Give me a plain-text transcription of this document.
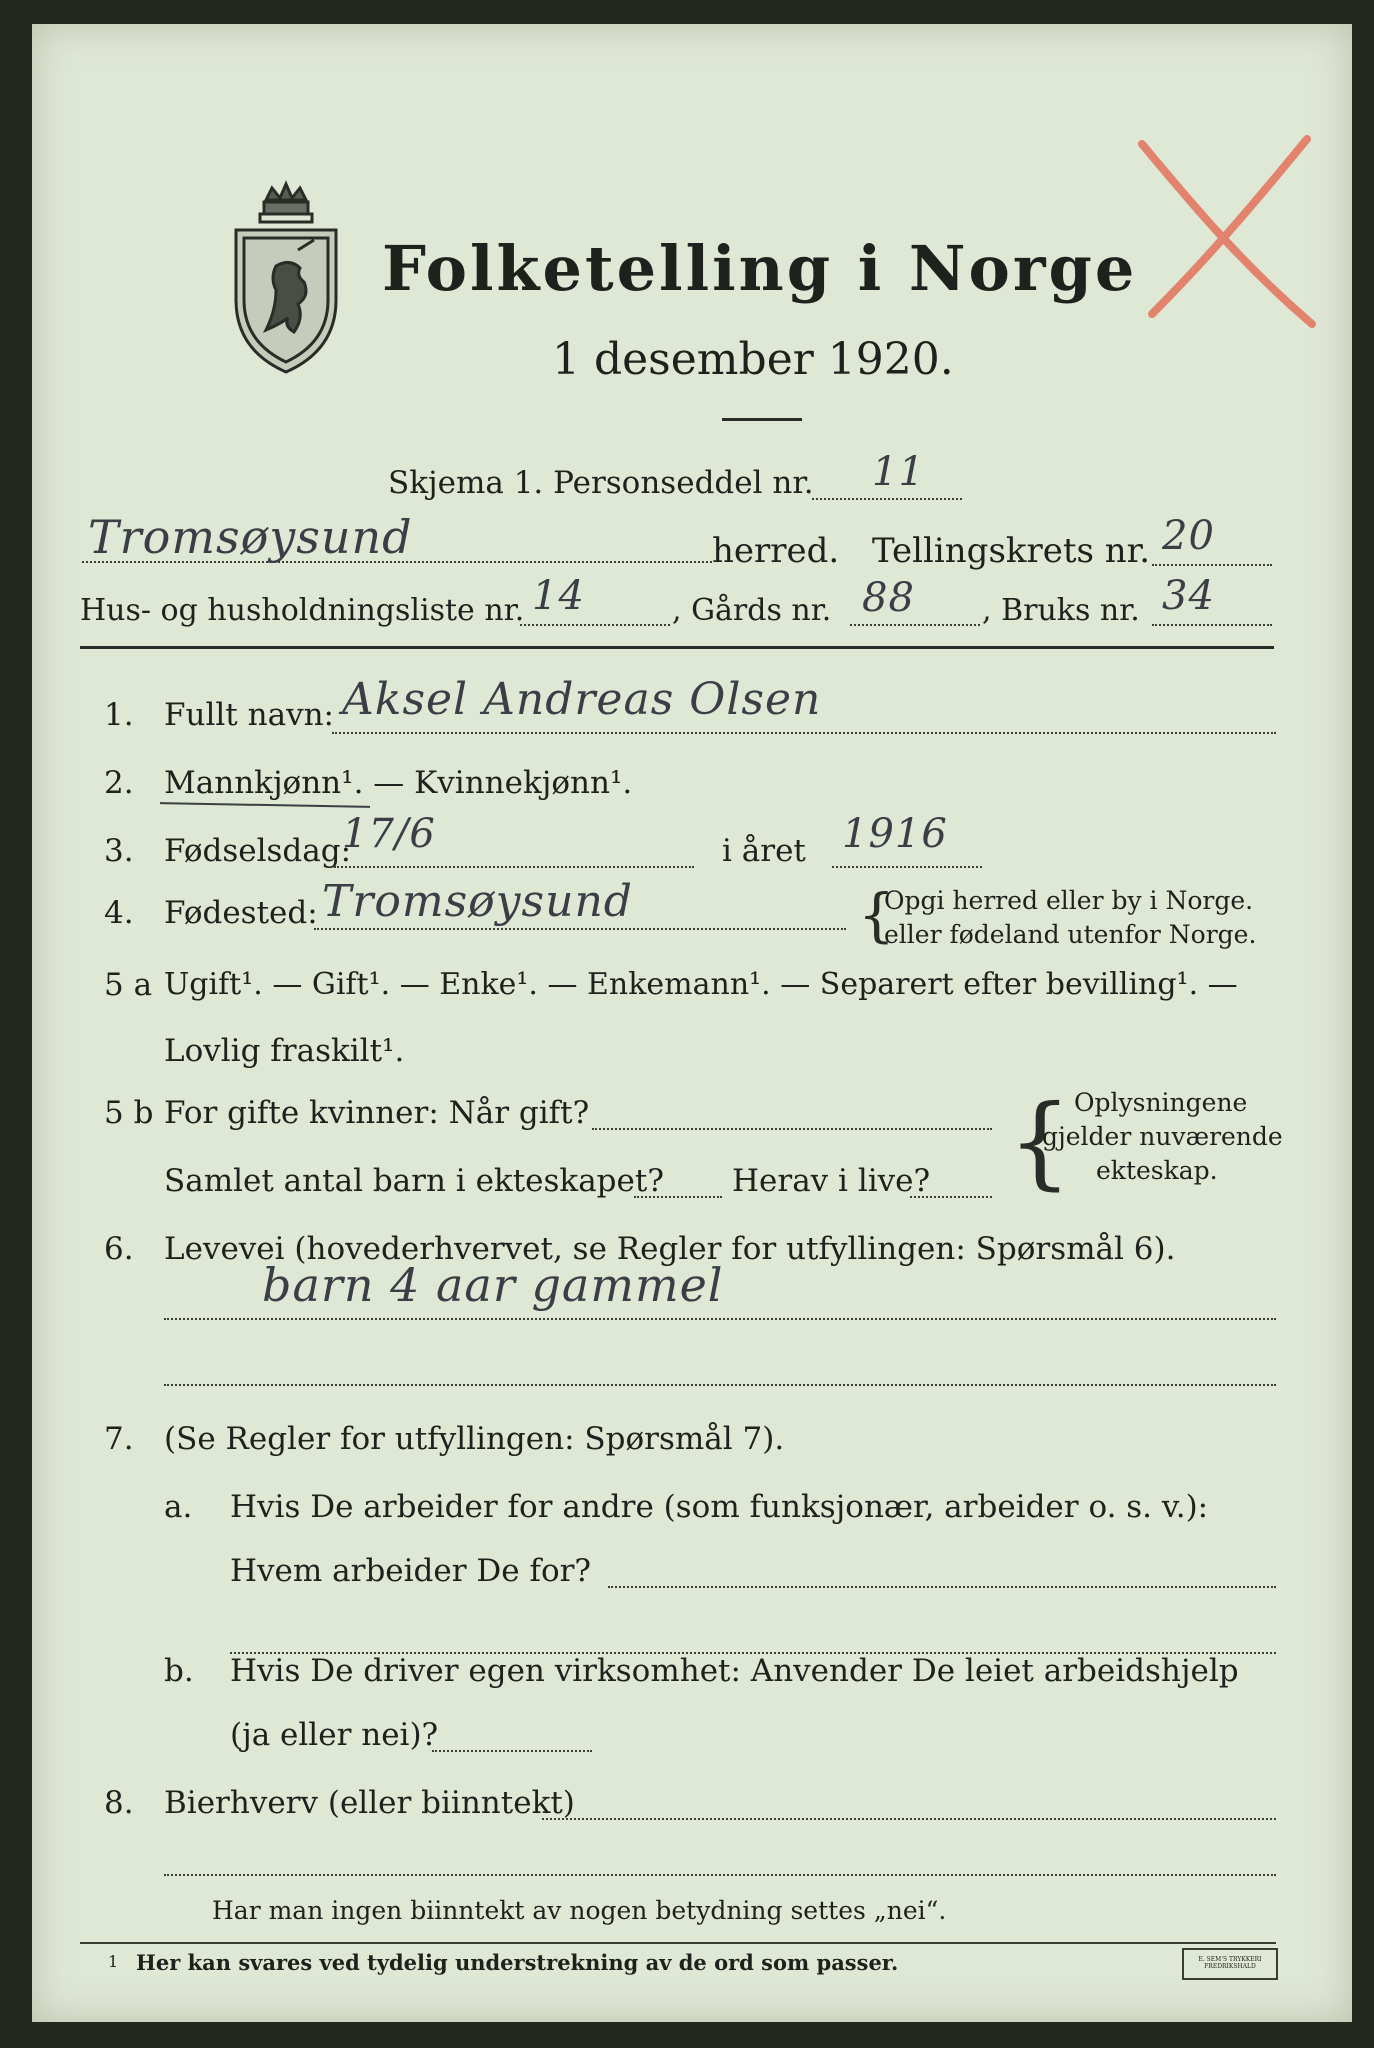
Folketelling i Norge
1 desember 1920.
Skjema 1. Personseddel nr. 11
Tromsøysund	herred. Tellingskrets nr. 20
Hus- og husholdningsliste nr. 14	, Gårds nr. 88 , Bruks nr. 34
1. Fullt navn: Aksel Andreas Olsen
2. Mannkjønn¹. — Kvinnekjønn¹.
3. Fødselsdag:
17/6	i året 1916
4. Fødested: Tromsøysund	{
Opgi herred eller by i Norge.
eller fødeland utenfor Norge.
5 a Ugift¹. — Gift¹. — Enke¹. — Enkemann¹. — Separert efter bevilling¹. —
Lovlig fraskilt¹.
5 b For gifte kvinner: Når gift?
Samlet antal barn i ekteskapet? Herav i live? { Oplysningene
gjelder nuværende
ekteskap.
6. Levevei (hovederhvervet, se Regler for utfyllingen: Spørsmål 6).
barn 4 aar gammel
7. (Se Regler for utfyllingen: Spørsmål 7).
a. Hvis De arbeider for andre (som funksjonær, arbeider o. s. v.):
Hvem arbeider De for?
b. Hvis De driver egen virksomhet: Anvender De leiet arbeidshjelp
(ja eller nei)?
8. Bierhverv (eller biinntekt)
Har man ingen biinntekt av nogen betydning settes „nei“.
1 Her kan svares ved tydelig understrekning av de ord som passer.	E. SEM'S TRYKKERI FREDRIKSHALD
